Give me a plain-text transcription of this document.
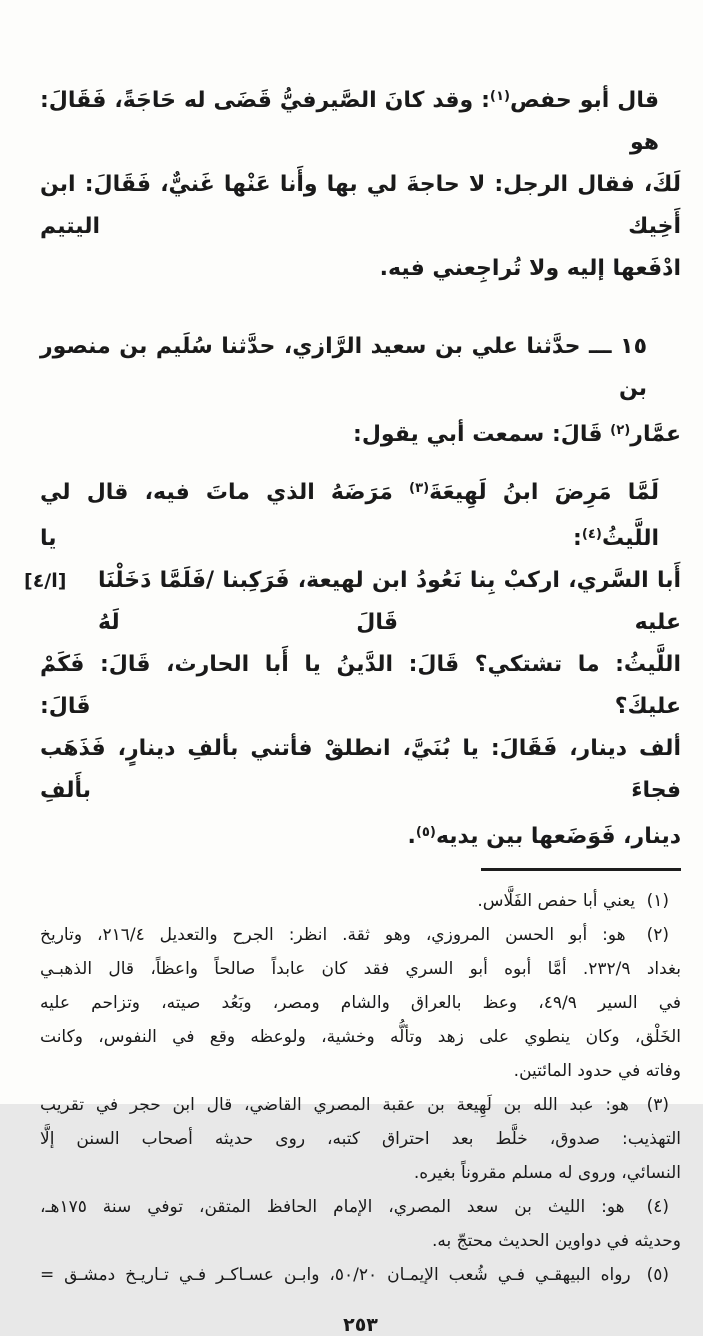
قال أبو حفص$^{(١)}$: وقد كانَ الصَّيرفيُّ قَضَى له حَاجَةً، فَقَالَ: هو
لَكَ، فقال الرجل: لا حاجةَ لي بها وأَنا عَنْها غَنيٌّ، فَقَالَ: ابن أَخِيك اليتيم
ادْفَعها إليه ولا تُراجِعني فيه.
١٥ ـــ حدَّثنا علي بن سعيد الرَّازي، حدَّثنا سُلَيم بن منصور بن
عمَّار$^{(٢)}$ قَالَ: سمعت أبي يقول:
لَمَّا مَرِضَ ابنُ لَهِيعَةَ$^{(٣)}$ مَرَضَهُ الذي ماتَ فيه، قال لي اللَّيثُ$^{(٤)}$: يا
أَبا السَّري، اركبْ بِنا نَعُودُ ابن لهيعة، فَرَكِبنا /فَلَمَّا دَخَلْنَا عليه قَالَ لَهُ
[ا/٤]
اللَّيثُ: ما تشتكي؟ قَالَ: الدَّينُ يا أَبا الحارث، قَالَ: فَكَمْ عليكَ؟ قَالَ:
ألف دينار، فَقَالَ: يا بُنَيَّ، انطلقْ فأتني بألفِ دينارٍ، فَذَهَب فجاءَ بأَلفِ
دينار، فَوَضَعها بين يديه$^{(٥)}$.
(١) يعني أبا حفص الفَلَّاس.
(٢) هو: أبو الحسن المروزي، وهو ثقة. انظر: الجرح والتعديل ٢١٦/٤، وتاريخ
بغداد ٢٣٢/٩. أمَّا أبوه أبو السري فقد كان عابداً صالحاً واعظاً، قال الذهبـي
في السير ٤٩/٩، وعظ بالعراق والشام ومصر، وبَعُد صيته، وتزاحم عليه
الخَلْق، وكان ينطوي على زهد وتألُّه وخشية، ولوعظه وقع في النفوس، وكانت
وفاته في حدود المائتين.
(٣) هو: عبد الله بن لَهِيعة بن عقبة المصري القاضي، قال ابن حجر في تقريب
التهذيب: صدوق، خلَّط بعد احتراق كتبه، روى حديثه أصحاب السنن إلَّا
النسائي، وروى له مسلم مقروناً بغيره.
(٤) هو: الليث بن سعد المصري، الإمام الحافظ المتقن، توفي سنة ١٧٥هـ،
وحديثه في دواوين الحديث محتجّ به.
(٥) رواه البيهقـي فـي شُعب الإيمـان ٥٠/٢٠، وابـن عسـاكـر فـي تـاريـخ دمشـق =
٢٥٣
